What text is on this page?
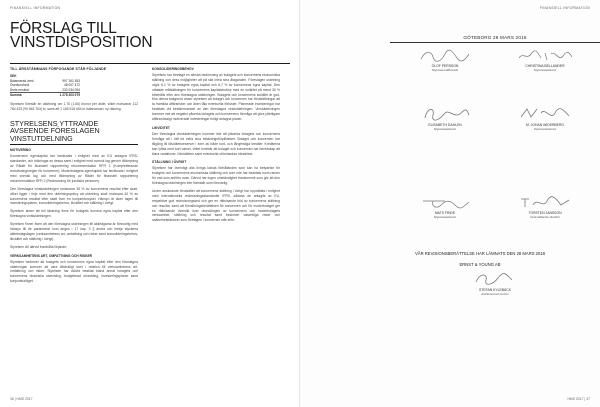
FINANSIELL INFORMATION
FÖRSLAG TILL
VINSTDISPOSITION
TILL ÅRSSTÄMMANS FÖRFOGANDE STÅR FÖLJANDE
SEK	
Balanserad vinst	997 261 553
Överkursfond	48 007 472
Årets resultat	233 034 054
Summa	1 278 303 079

Styrelsen föreslår en utdelning om 1,70 (1,60) kronor per aktie, vilket motsvarar 112 784 425 (99 563 763) kr, samt att 1 165 518 654 kr balanseras i ny räkning.

STYRELSENS YTTRANDE AVSEENDE FÖRESLAGEN VINSTUTDELNING
MOTIVERING

Koncernens egenkapital har beräknats i enlighet med av EU antagna IFRS-standarder, och tolkningar av dessa samt i enlighet med svensk lag genom tillämpning av Rådet för finansiell rapportering rekommendation RFR 1 (Kompletterande redovisningsregler för koncerner). Moderbolagets egenkapital har beräknats i enlighet med svensk lag och med tillämpning av Rådet för finansiell rapportering rekommendation RFR 2 (Redovisning för juridiska personer).

Den föreslagna vinstutdelningen motsvarar 35 % av koncernens resultat efter skatt, vilket ligger i linje med den utdelningspolicy att utdelning skall motsvara 40 % av koncernens resultat efter skatt över en konjunkturcykel. Hänsyn är även tagen till investeringsplaner, konsolideringsbehov, likviditet och ställning i övrigt.

Styrelsen anser att full täckning finns för bolagets bundna egna kapital efter den föreslagna vinstutdelningen.

Styrelsen finner även att den föreslagna utdelningen till aktieägarna är försvarlig med hänsyn till de parametrar som anges i 17 kap. 3 § andra och tredje styckena aktiebolagslagen (verksamhetens art, omfattning och risker samt konsolideringsbehov, likviditet och ställning i övrigt).

Styrelsen vill därvid framhålla följande:

VERKSAMHETENS ART, OMFATTNING OCH RISKER

Styrelsen bedömer att bolagets och koncernens egna kapital efter den föreslagna utdelningen kommer att vara tillräckligt stort i relation till verksamhetens art, omfattning och risker. Styrelsen har därvid beaktat bland annat bolagets och koncernens historiska utveckling, budgeterad utveckling, investeringsplaner samt konjunkturläget.

KONSOLIDERINGSBEHOV

Styrelsen har företagit en allmän bedömning av bolagets och koncernens ekonomiska ställning och dess möjligheter att på sikt infria sina åtaganden. Föreslagen utdelning utgör 6,1 % av bolagets egna kapital och 8,7 % av koncernens egna kapital. Den uttalade målsättningen för koncernens kapitalstruktur med en soliditet på minst 30 % bibehålls efter den föreslagna utdelningen. Bolagets och koncernens soliditet är god. Mot denna bakgrund anser styrelsen att bolaget och koncernen har förutsättningar att ta framtida affärsrisker och även tåla eventuella förluster. Planerade investeringar har beaktats vid bestämmandet av den föreslagna vinstutdelningen. Vinstutdelningen kommer inte att negativt påverka bolagets och koncernens förmåga att göra ytterligare affärsmässigt motiverade investeringar enligt antagna planer.

LIKVIDITET

Den föreslagna vinstutdelningen kommer inte att påverka bolagets och koncernens förmåga att i rätt tid infria sina betalningsförpliktelser. Bolaget och koncernen har tillgång till likviditetsreserver i form av både kort- och långfristiga krediter. Krediterna kan lyftas med kort varsel, vilket innebär att bolaget och koncernen har beredskap att klara variationer i likviditeten samt eventuella oförutsedda händelser.

STÄLLNING I ÖVRIGT

Styrelsen har övervägt alla övriga kända förhållanden som kan ha betydelse för bolagets och koncernens ekonomiska ställning och som inte har beaktats inom ramen för vad som anförts ovan. Därvid har ingen omständighet framkommit som gör att den föreslagna utdelningen inte framstår som försvarlig.

Under anslutande förutsätter att koncernens ställning i övrigt har upprättats i enlighet med internationella redovisningsstandarder IFRS, sådana de antagits av EU, respektive god redovisningssed och ger en rättvisande bild av koncernens ställning och resultat, samt att förvaltningsberättelsen för koncernen och för moderbolaget ger en rättvisande översikt över utvecklingen av koncernens och moderbolagets verksamhet, ställning och resultat samt beskriver väsentliga risker och osäkerhetsfaktorer som företagen i koncernen står inför.

36 | HMS 2017
FINANSIELL INFORMATION
GÖTEBORG 28 MARS 2018
OLOF PERSSON
Styrelseordförande
CHRISTINA BELLANDER
Styrelseledamot
ELISABETH DAHLEN
Styrelseledamot
M. JOHAN WIDERBERG
Styrelseledamot
MATS FRIDE
Styrelseledamot
TORSTEN JANSSON
Verkställande direktör
VÅR REVISIONSBERÄTTELSE HAR LÄMNATS DEN 28 MARS 2018
ERNST & YOUNG AB
STEFAN KYLEBÄCK
Auktoriserad revisor
HMS 2017 | 37
